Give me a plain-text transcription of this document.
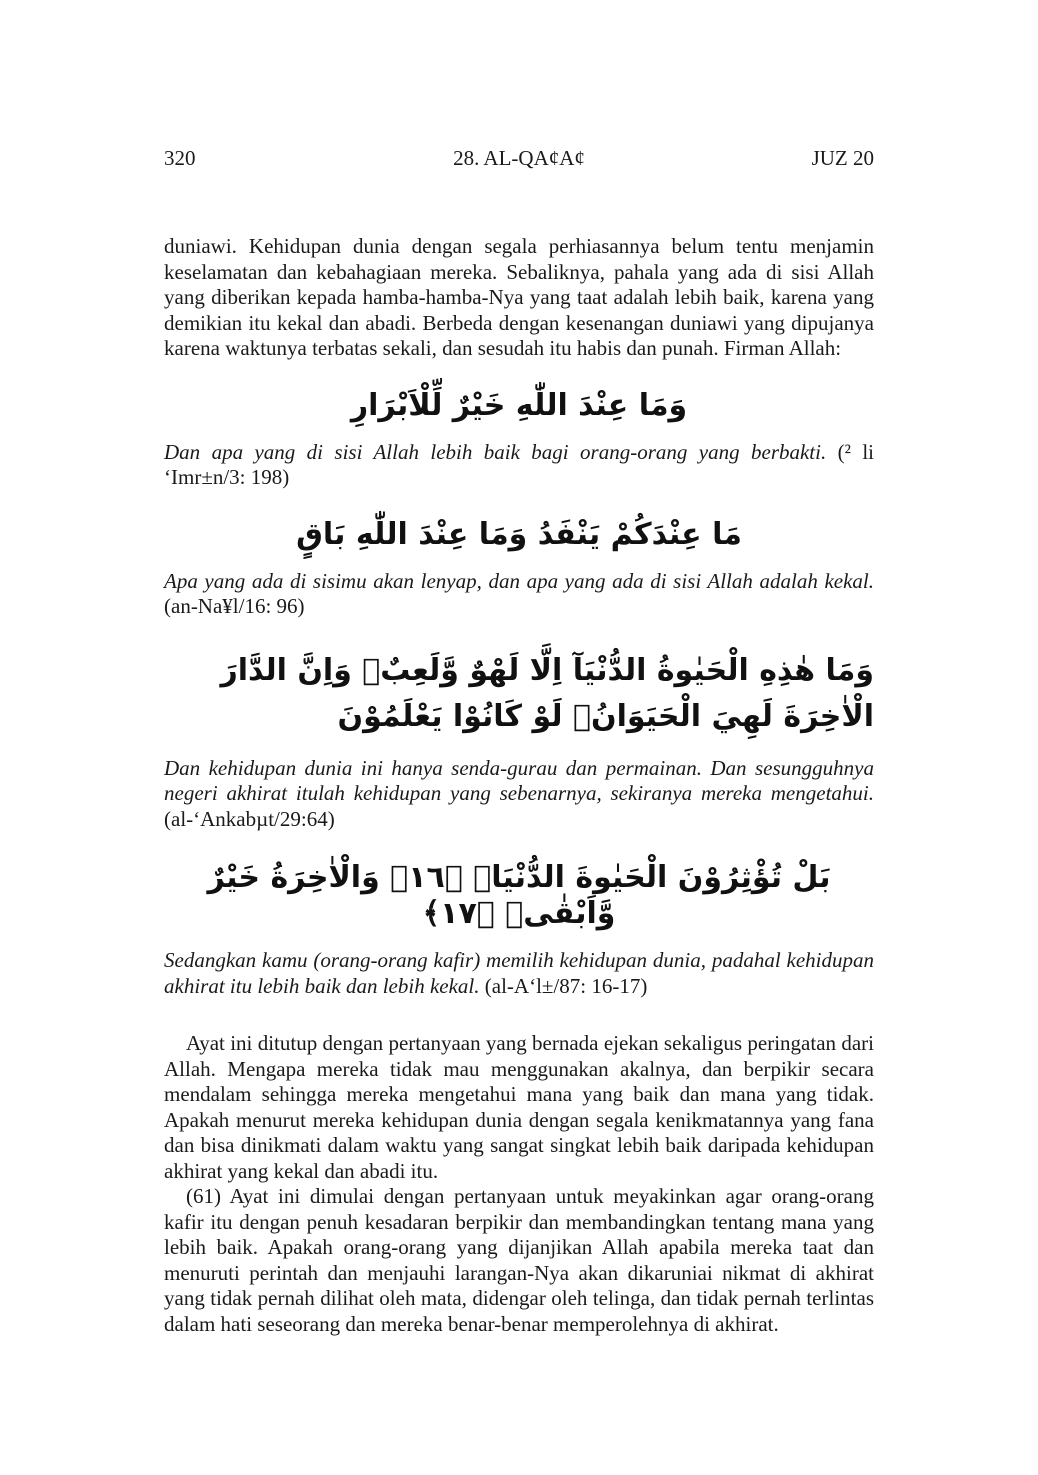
320	28. AL-QA¢A¢	JUZ 20

duniawi. Kehidupan dunia dengan segala perhiasannya belum tentu menjamin keselamatan dan kebahagiaan mereka. Sebaliknya, pahala yang ada di sisi Allah yang diberikan kepada hamba-hamba-Nya yang taat adalah lebih baik, karena yang demikian itu kekal dan abadi. Berbeda dengan kesenangan duniawi yang dipujanya karena waktunya terbatas sekali, dan sesudah itu habis dan punah. Firman Allah:

وَمَا عِنْدَ اللّٰهِ خَيْرٌ لِّلْاَبْرَارِ

Dan apa yang di sisi Allah lebih baik bagi orang-orang yang berbakti. (² li ‘Imr±n/3: 198)

مَا عِنْدَكُمْ يَنْفَدُ وَمَا عِنْدَ اللّٰهِ بَاقٍ

Apa yang ada di sisimu akan lenyap, dan apa yang ada di sisi Allah adalah kekal. (an-Na¥l/16: 96)

وَمَا هٰذِهِ الْحَيٰوةُ الدُّنْيَآ اِلَّا لَهْوٌ وَّلَعِبٌۗ وَاِنَّ الدَّارَ الْاٰخِرَةَ لَهِيَ الْحَيَوَانُۘ لَوْ كَانُوْا يَعْلَمُوْنَ

Dan kehidupan dunia ini hanya senda-gurau dan permainan. Dan sesungguhnya negeri akhirat itulah kehidupan yang sebenarnya, sekiranya mereka mengetahui. (al-‘Ankabµt/29:64)

بَلْ تُؤْثِرُوْنَ الْحَيٰوةَ الدُّنْيَاۖ ﴿١٦﴾ وَالْاٰخِرَةُ خَيْرٌ وَّاَبْقٰىۗ ﴿١٧﴾

Sedangkan kamu (orang-orang kafir) memilih kehidupan dunia, padahal kehidupan akhirat itu lebih baik dan lebih kekal. (al-A‘l±/87: 16-17)

Ayat ini ditutup dengan pertanyaan yang bernada ejekan sekaligus peringatan dari Allah. Mengapa mereka tidak mau menggunakan akalnya, dan berpikir secara mendalam sehingga mereka mengetahui mana yang baik dan mana yang tidak. Apakah menurut mereka kehidupan dunia dengan segala kenikmatannya yang fana dan bisa dinikmati dalam waktu yang sangat singkat lebih baik daripada kehidupan akhirat yang kekal dan abadi itu.

(61) Ayat ini dimulai dengan pertanyaan untuk meyakinkan agar orang-orang kafir itu dengan penuh kesadaran berpikir dan membandingkan tentang mana yang lebih baik. Apakah orang-orang yang dijanjikan Allah apabila mereka taat dan menuruti perintah dan menjauhi larangan-Nya akan dikaruniai nikmat di akhirat yang tidak pernah dilihat oleh mata, didengar oleh telinga, dan tidak pernah terlintas dalam hati seseorang dan mereka benar-benar memperolehnya di akhirat.
